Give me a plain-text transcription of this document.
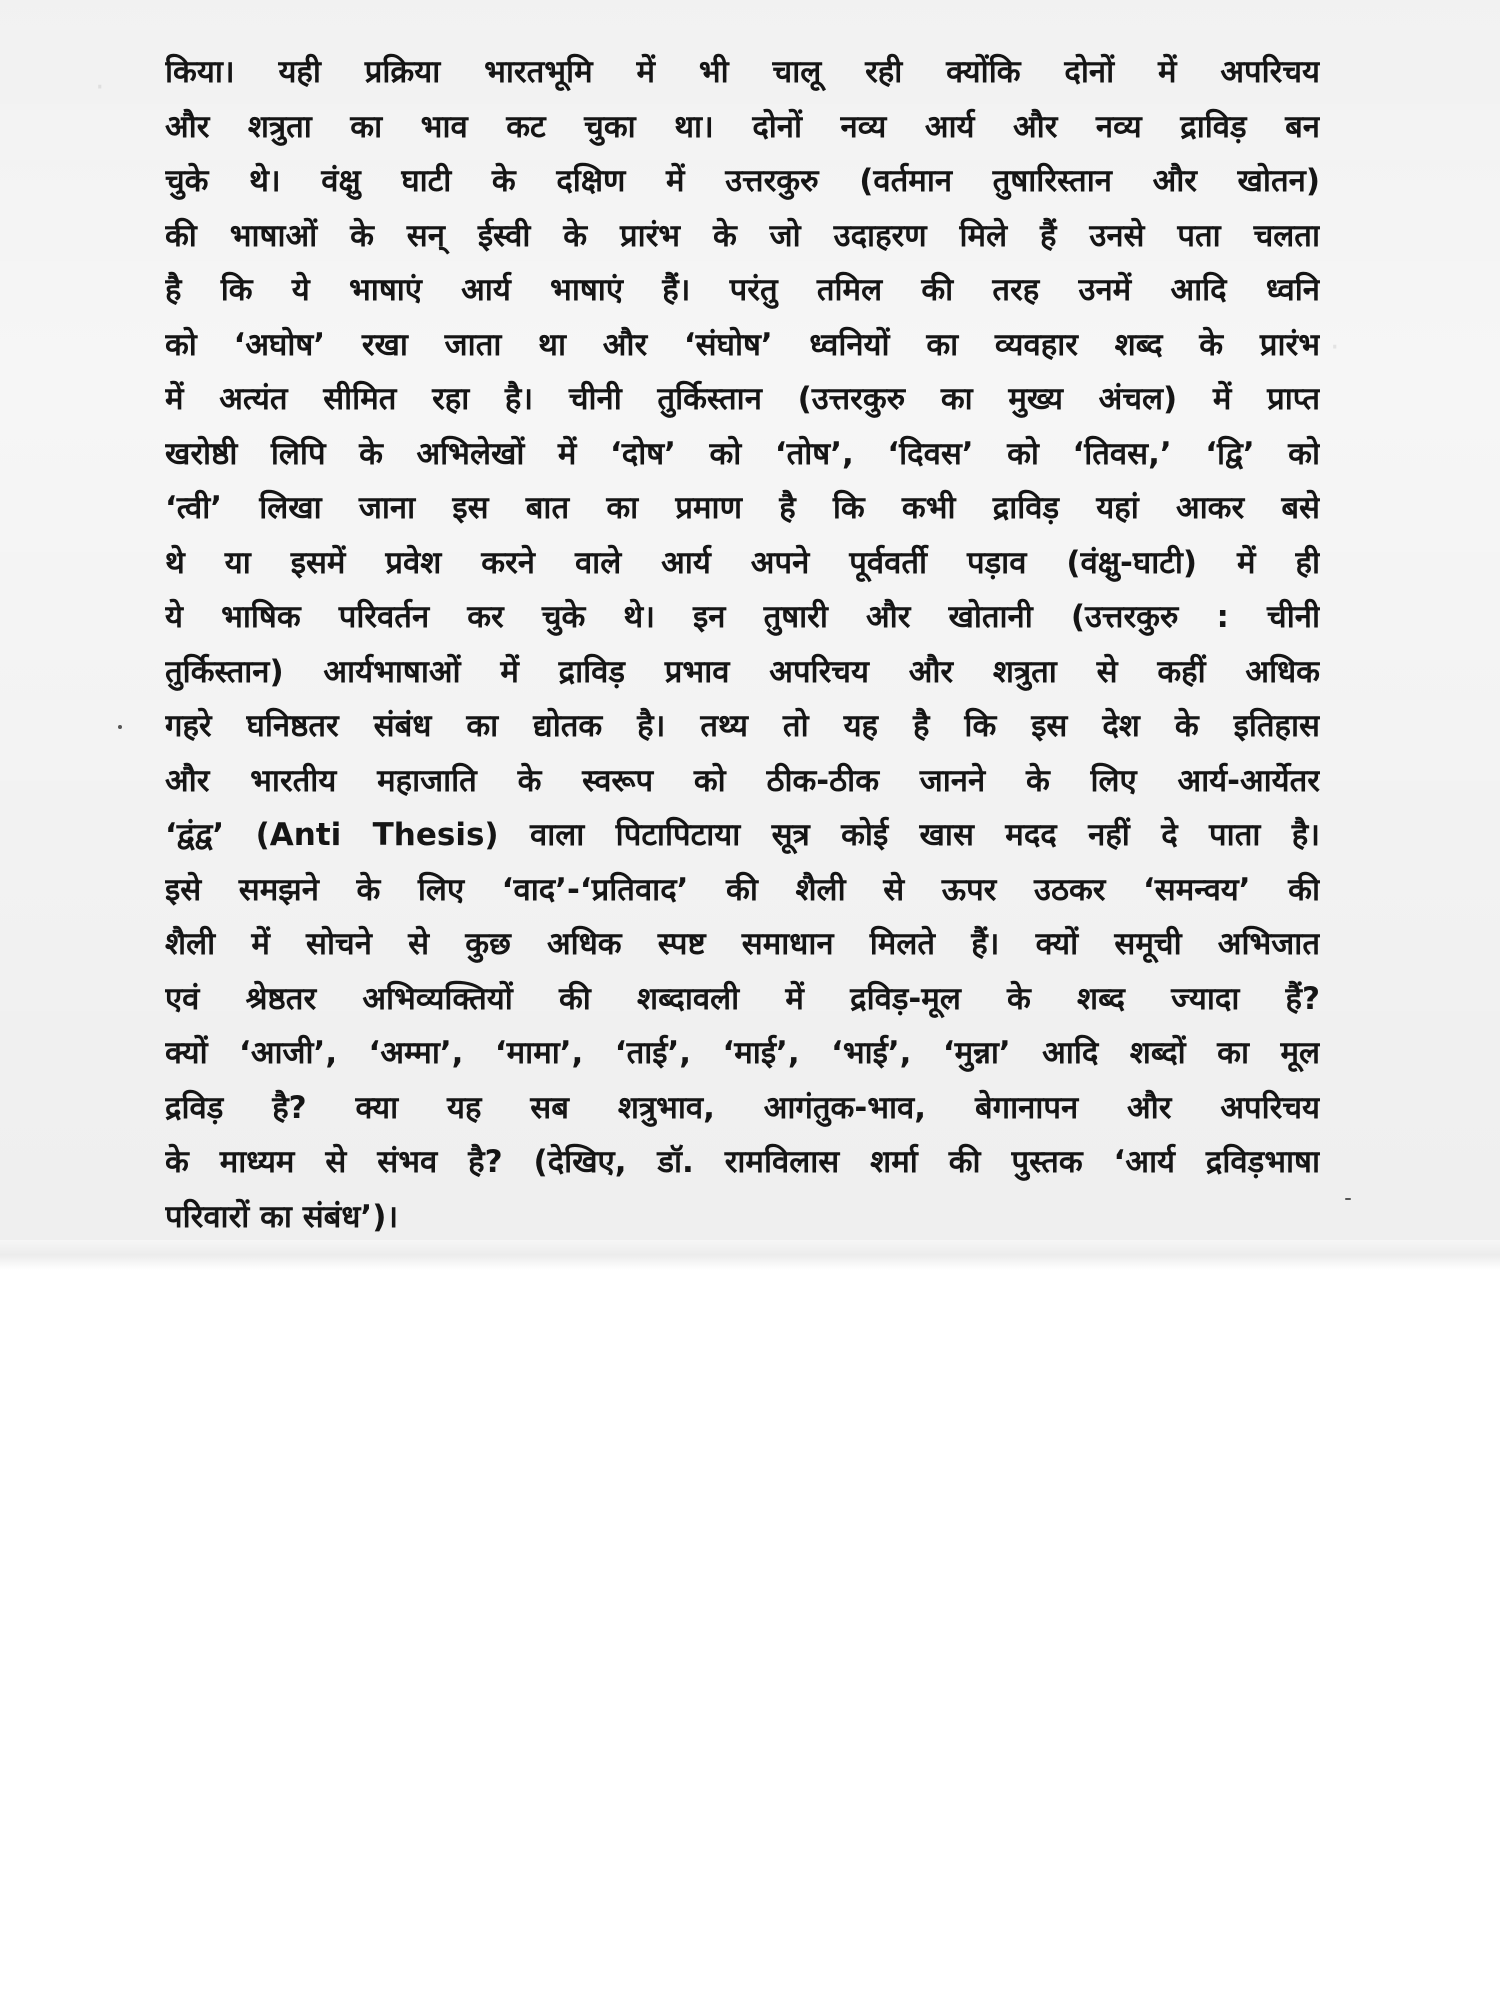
·
·
किया। यही प्रक्रिया भारतभूमि में भी चालू रही क्योंकि दोनों में अपरिचय
और शत्रुता का भाव कट चुका था। दोनों नव्य आर्य और नव्य द्राविड़ बन
चुके थे। वंक्षु घाटी के दक्षिण में उत्तरकुरु (वर्तमान तुषारिस्तान और खोतन)
की भाषाओं के सन् ईस्वी के प्रारंभ के जो उदाहरण मिले हैं उनसे पता चलता
है कि ये भाषाएं आर्य भाषाएं हैं। परंतु तमिल की तरह उनमें आदि ध्वनि
को ‘अघोष’ रखा जाता था और ‘संघोष’ ध्वनियों का व्यवहार शब्द के प्रारंभ
में अत्यंत सीमित रहा है। चीनी तुर्किस्तान (उत्तरकुरु का मुख्य अंचल) में प्राप्त
खरोष्ठी लिपि के अभिलेखों में ‘दोष’ को ‘तोष’, ‘दिवस’ को ‘तिवस,’ ‘द्वि’ को
‘त्वी’ लिखा जाना इस बात का प्रमाण है कि कभी द्राविड़ यहां आकर बसे
थे या इसमें प्रवेश करने वाले आर्य अपने पूर्ववर्ती पड़ाव (वंक्षु-घाटी) में ही
ये भाषिक परिवर्तन कर चुके थे। इन तुषारी और खोतानी (उत्तरकुरु : चीनी
तुर्किस्तान) आर्यभाषाओं में द्राविड़ प्रभाव अपरिचय और शत्रुता से कहीं अधिक
गहरे घनिष्ठतर संबंध का द्योतक है। तथ्य तो यह है कि इस देश के इतिहास
और भारतीय महाजाति के स्वरूप को ठीक-ठीक जानने के लिए आर्य-आर्येतर
‘द्वंद्व’ (Anti Thesis) वाला पिटापिटाया सूत्र कोई खास मदद नहीं दे पाता है।
इसे समझने के लिए ‘वाद’-‘प्रतिवाद’ की शैली से ऊपर उठकर ‘समन्वय’ की
शैली में सोचने से कुछ अधिक स्पष्ट समाधान मिलते हैं। क्यों समूची अभिजात
एवं श्रेष्ठतर अभिव्यक्तियों की शब्दावली में द्रविड़-मूल के शब्द ज्यादा हैं?
क्यों ‘आजी’, ‘अम्मा’, ‘मामा’, ‘ताई’, ‘माई’, ‘भाई’, ‘मुन्ना’ आदि शब्दों का मूल
द्रविड़ है? क्या यह सब शत्रुभाव, आगंतुक-भाव, बेगानापन और अपरिचय
के माध्यम से संभव है? (देखिए, डॉ. रामविलास शर्मा की पुस्तक ‘आर्य द्रविड़भाषा
परिवारों का संबंध’)।
